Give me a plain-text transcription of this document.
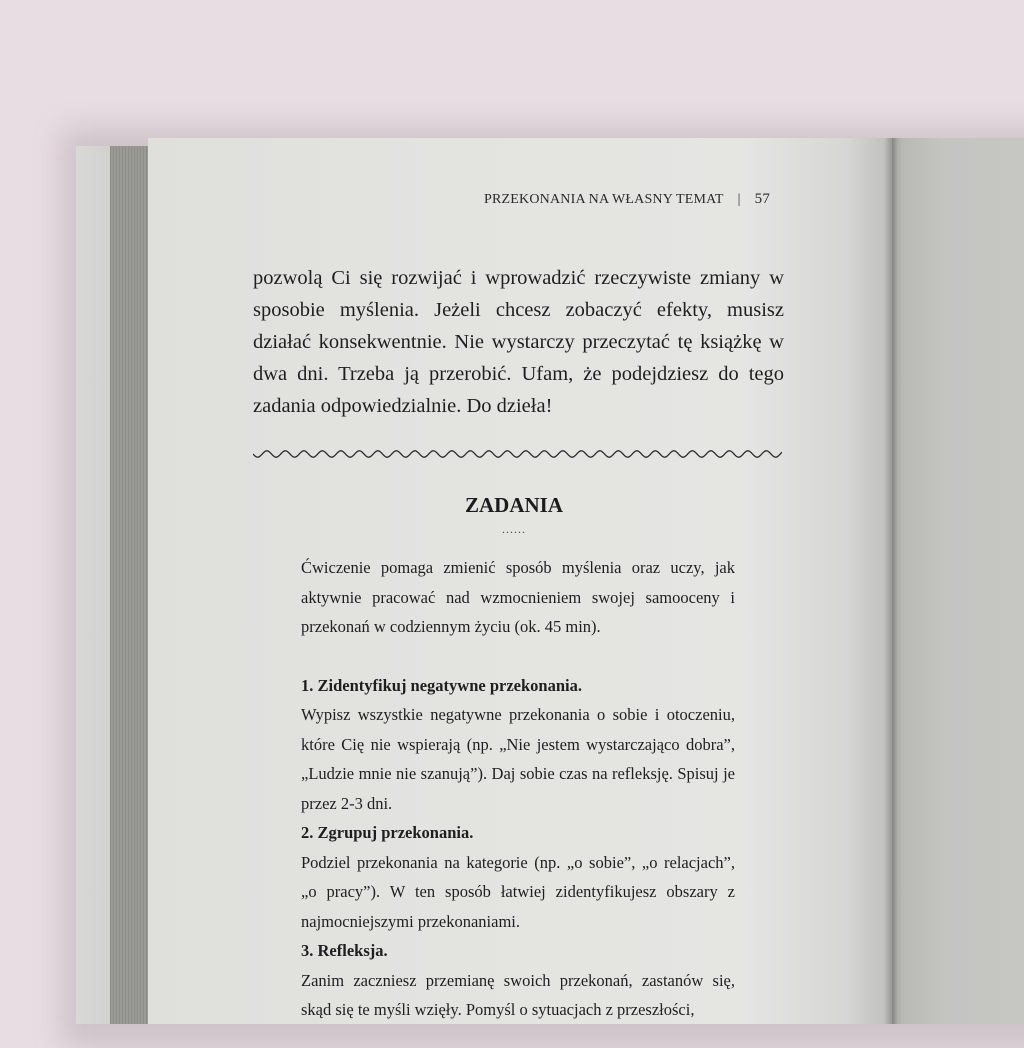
PRZEKONANIA NA WŁASNY TEMAT | 57

pozwolą Ci się rozwijać i wprowadzić rzeczywiste zmiany w sposobie myślenia. Jeżeli chcesz zobaczyć efekty, musisz działać konsekwentnie. Nie wystarczy przeczytać tę książkę w dwa dni. Trzeba ją przerobić. Ufam, że podejdziesz do tego zadania odpowiedzialnie. Do dzieła!

ZADANIA
......

Ćwiczenie pomaga zmienić sposób myślenia oraz uczy, jak aktywnie pracować nad wzmocnieniem swojej samooceny i przekonań w codziennym życiu (ok. 45 min).

1. Zidentyfikuj negatywne przekonania.

Wypisz wszystkie negatywne przekonania o sobie i otoczeniu, które Cię nie wspierają (np. „Nie jestem wystarczająco dobra”, „Ludzie mnie nie szanują”). Daj sobie czas na refleksję. Spisuj je przez 2-3 dni.

2. Zgrupuj przekonania.

Podziel przekonania na kategorie (np. „o sobie”, „o relacjach”, „o pracy”). W ten sposób łatwiej zidentyfikujesz obszary z najmocniejszymi przekonaniami.

3. Refleksja.

Zanim zaczniesz przemianę swoich przekonań, zastanów się, skąd się te myśli wzięły. Pomyśl o sytuacjach z przeszłości,
